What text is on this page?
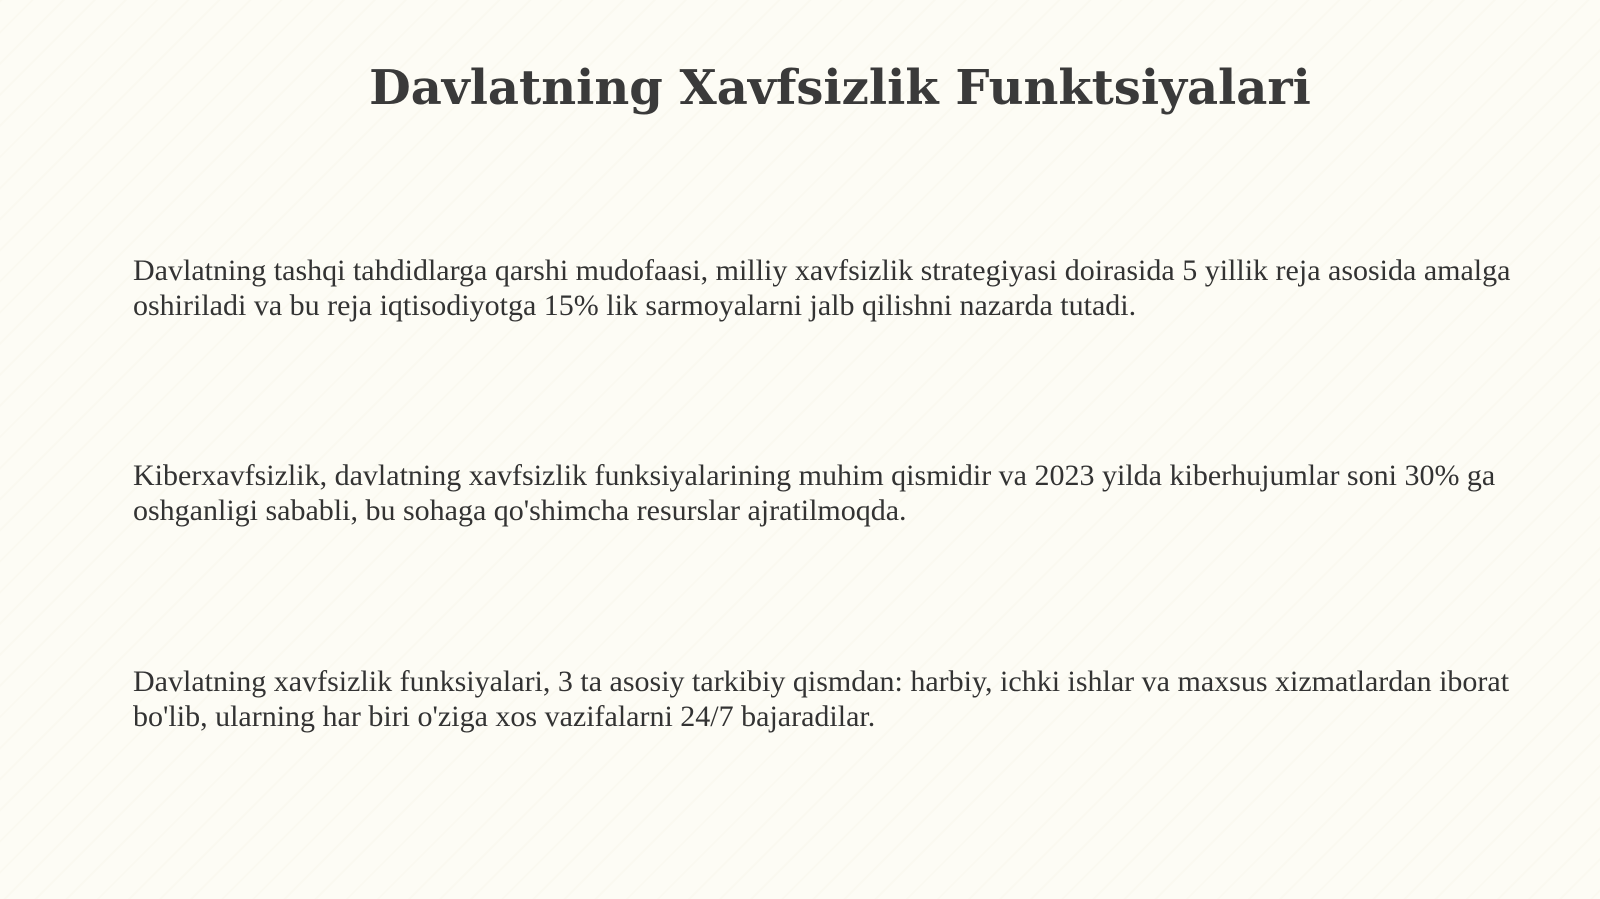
Davlatning Xavfsizlik Funktsiyalari

Davlatning tashqi tahdidlarga qarshi mudofaasi, milliy xavfsizlik strategiyasi doirasida 5 yillik reja asosida amalga oshiriladi va bu reja iqtisodiyotga 15% lik sarmoyalarni jalb qilishni nazarda tutadi.

Kiberxavfsizlik, davlatning xavfsizlik funksiyalarining muhim qismidir va 2023 yilda kiberhujumlar soni 30% ga oshganligi sababli, bu sohaga qo'shimcha resurslar ajratilmoqda.

Davlatning xavfsizlik funksiyalari, 3 ta asosiy tarkibiy qismdan: harbiy, ichki ishlar va maxsus xizmatlardan iborat bo'lib, ularning har biri o'ziga xos vazifalarni 24/7 bajaradilar.
